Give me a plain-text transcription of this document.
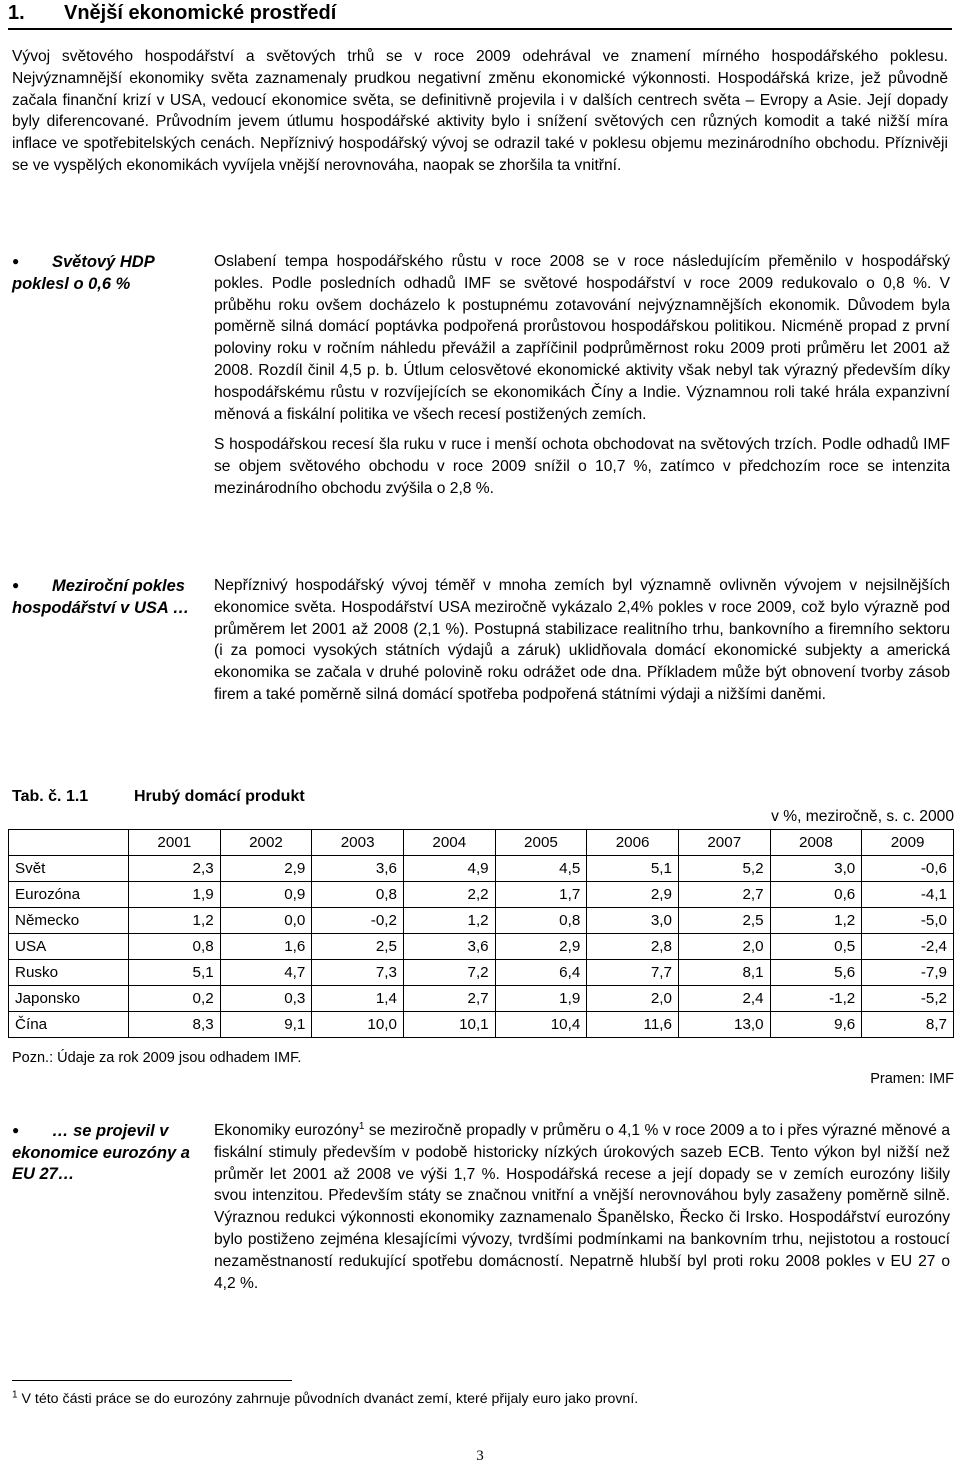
1. Vnější ekonomické prostředí

Vývoj světového hospodářství a světových trhů se v roce 2009 odehrával ve znamení mírného hospodářského poklesu. Nejvýznamnější ekonomiky světa zaznamenaly prudkou negativní změnu ekonomické výkonnosti. Hospodářská krize, jež původně začala finanční krizí v USA, vedoucí ekonomice světa, se definitivně projevila i v dalších centrech světa – Evropy a Asie. Její dopady byly diferencované. Průvodním jevem útlumu hospodářské aktivity bylo i snížení světových cen různých komodit a také nižší míra inflace ve spotřebitelských cenách. Nepříznivý hospodářský vývoj se odrazil také v poklesu objemu mezinárodního obchodu. Příznivěji se ve vyspělých ekonomikách vyvíjela vnější nerovnováha, naopak se zhoršila ta vnitřní.

● Světový HDP poklesl o 0,6 %

Oslabení tempa hospodářského růstu v roce 2008 se v roce následujícím přeměnilo v hospodářský pokles. Podle posledních odhadů IMF se světové hospodářství v roce 2009 redukovalo o 0,8 %. V průběhu roku ovšem docházelo k postupnému zotavování nejvýznamnějších ekonomik. Důvodem byla poměrně silná domácí poptávka podpořená prorůstovou hospodářskou politikou. Nicméně propad z první poloviny roku v ročním náhledu převážil a zapříčinil podprůměrnost roku 2009 proti průměru let 2001 až 2008. Rozdíl činil 4,5 p. b. Útlum celosvětové ekonomické aktivity však nebyl tak výrazný především díky hospodářskému růstu v rozvíjejících se ekonomikách Číny a Indie. Významnou roli také hrála expanzivní měnová a fiskální politika ve všech recesí postižených zemích.

S hospodářskou recesí šla ruku v ruce i menší ochota obchodovat na světových trzích. Podle odhadů IMF se objem světového obchodu v roce 2009 snížil o 10,7 %, zatímco v předchozím roce se intenzita mezinárodního obchodu zvýšila o 2,8 %.

● Meziroční pokles hospodářství v USA …

Nepříznivý hospodářský vývoj téměř v mnoha zemích byl významně ovlivněn vývojem v nejsilnějších ekonomice světa. Hospodářství USA meziročně vykázalo 2,4% pokles v roce 2009, což bylo výrazně pod průměrem let 2001 až 2008 (2,1 %). Postupná stabilizace realitního trhu, bankovního a firemního sektoru (i za pomoci vysokých státních výdajů a záruk) uklidňovala domácí ekonomické subjekty a americká ekonomika se začala v druhé polovině roku odrážet ode dna. Příkladem může být obnovení tvorby zásob firem a také poměrně silná domácí spotřeba podpořená státními výdaji a nižšími daněmi.

Tab. č. 1.1	Hrubý domácí produkt
v %, meziročně, s. c. 2000
	2001	2002	2003	2004	2005	2006	2007	2008	2009
Svět	2,3	2,9	3,6	4,9	4,5	5,1	5,2	3,0	-0,6
Eurozóna	1,9	0,9	0,8	2,2	1,7	2,9	2,7	0,6	-4,1
Německo	1,2	0,0	-0,2	1,2	0,8	3,0	2,5	1,2	-5,0
USA	0,8	1,6	2,5	3,6	2,9	2,8	2,0	0,5	-2,4
Rusko	5,1	4,7	7,3	7,2	6,4	7,7	8,1	5,6	-7,9
Japonsko	0,2	0,3	1,4	2,7	1,9	2,0	2,4	-1,2	-5,2
Čína	8,3	9,1	10,0	10,1	10,4	11,6	13,0	9,6	8,7
Pozn.: Údaje za rok 2009 jsou odhadem IMF.
Pramen: IMF
● … se projevil v ekonomice eurozóny a EU 27…

Ekonomiky eurozóny$^1$ se meziročně propadly v průměru o 4,1 % v roce 2009 a to i přes výrazné měnové a fiskální stimuly především v podobě historicky nízkých úrokových sazeb ECB. Tento výkon byl nižší než průměr let 2001 až 2008 ve výši 1,7 %. Hospodářská recese a její dopady se v zemích eurozóny lišily svou intenzitou. Především státy se značnou vnitřní a vnější nerovnováhou byly zasaženy poměrně silně. Výraznou redukci výkonnosti ekonomiky zaznamenalo Španělsko, Řecko či Irsko. Hospodářství eurozóny bylo postiženo zejména klesajícími vývozy, tvrdšími podmínkami na bankovním trhu, nejistotou a rostoucí nezaměstnaností redukující spotřebu domácností. Nepatrně hlubší byl proti roku 2008 pokles v EU 27 o 4,2 %.

$^1$ V této části práce se do eurozóny zahrnuje původních dvanáct zemí, které přijaly euro jako provní.
3
